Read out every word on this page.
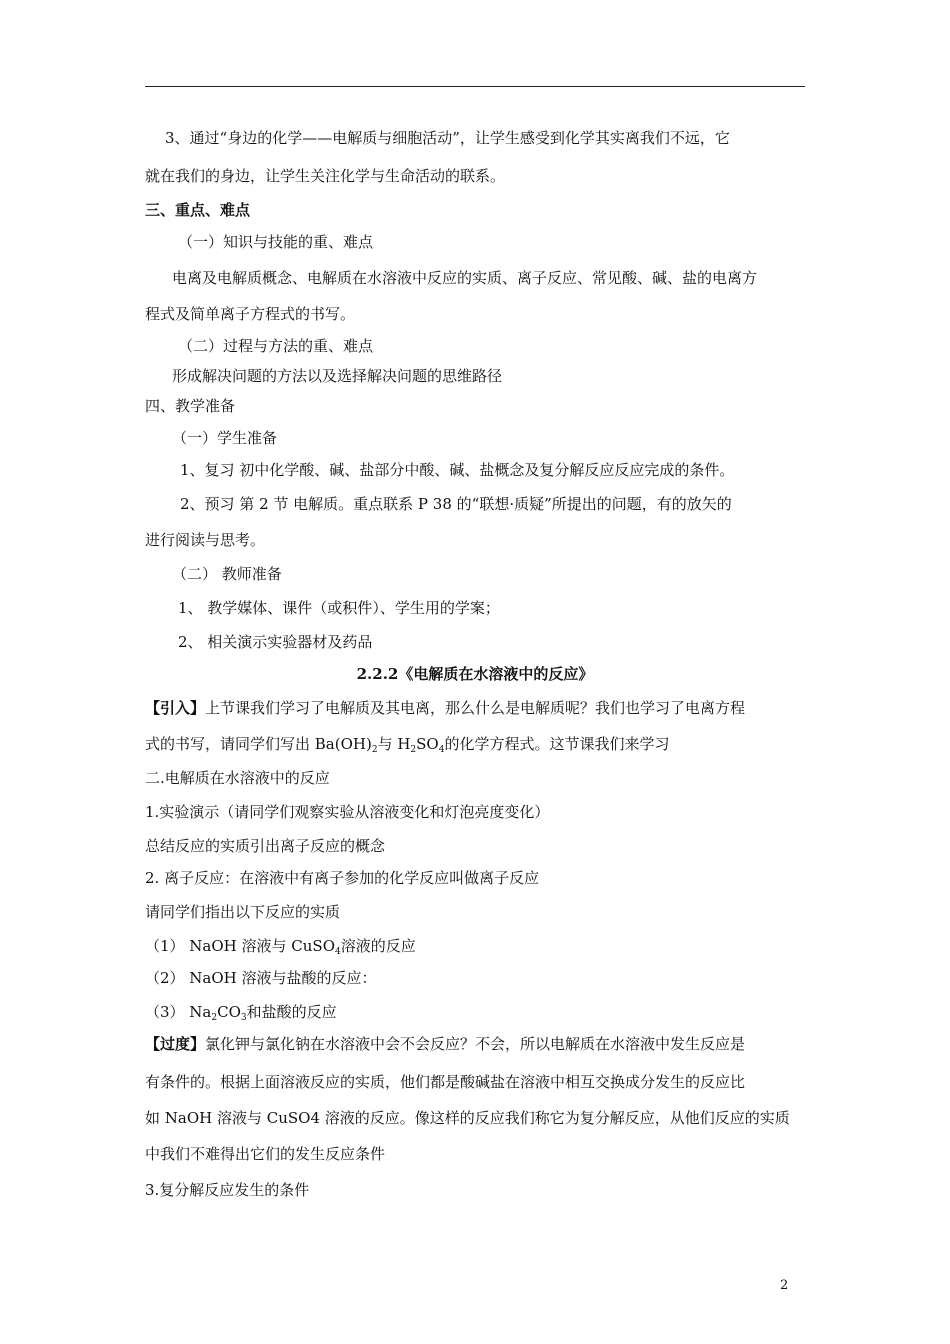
3、通过“身边的化学——电解质与细胞活动”，让学生感受到化学其实离我们不远，它
就在我们的身边，让学生关注化学与生命活动的联系。
三、重点、难点
（一）知识与技能的重、难点
电离及电解质概念、电解质在水溶液中反应的实质、离子反应、常见酸、碱、盐的电离方
程式及简单离子方程式的书写。
（二）过程与方法的重、难点
形成解决问题的方法以及选择解决问题的思维路径
四、教学准备
（一）学生准备
1、复习 初中化学酸、碱、盐部分中酸、碱、盐概念及复分解反应反应完成的条件。
2、预习 第 2 节 电解质。重点联系 P 38 的“联想·质疑”所提出的问题，有的放矢的
进行阅读与思考。
（二） 教师准备
1、 教学媒体、课件（或积件）、学生用的学案；
2、 相关演示实验器材及药品
2.2.2《电解质在水溶液中的反应》
【引入】上节课我们学习了电解质及其电离，那么什么是电解质呢？我们也学习了电离方程
式的书写，请同学们写出 $Ba(OH)_2$与 $H_2SO_4$的化学方程式。这节课我们来学习
二.电解质在水溶液中的反应
1.实验演示（请同学们观察实验从溶液变化和灯泡亮度变化）
总结反应的实质引出离子反应的概念
2. 离子反应：在溶液中有离子参加的化学反应叫做离子反应
请同学们指出以下反应的实质
（1） NaOH 溶液与 CuSO$_4$溶液的反应
（2） NaOH 溶液与盐酸的反应：
（3） $Na_2CO_3$和盐酸的反应
【过度】氯化钾与氯化钠在水溶液中会不会反应？不会，所以电解质在水溶液中发生反应是
有条件的。根据上面溶液反应的实质，他们都是酸碱盐在溶液中相互交换成分发生的反应比
如 NaOH 溶液与 CuSO4 溶液的反应。像这样的反应我们称它为复分解反应，从他们反应的实质
中我们不难得出它们的发生反应条件
3.复分解反应发生的条件
2
